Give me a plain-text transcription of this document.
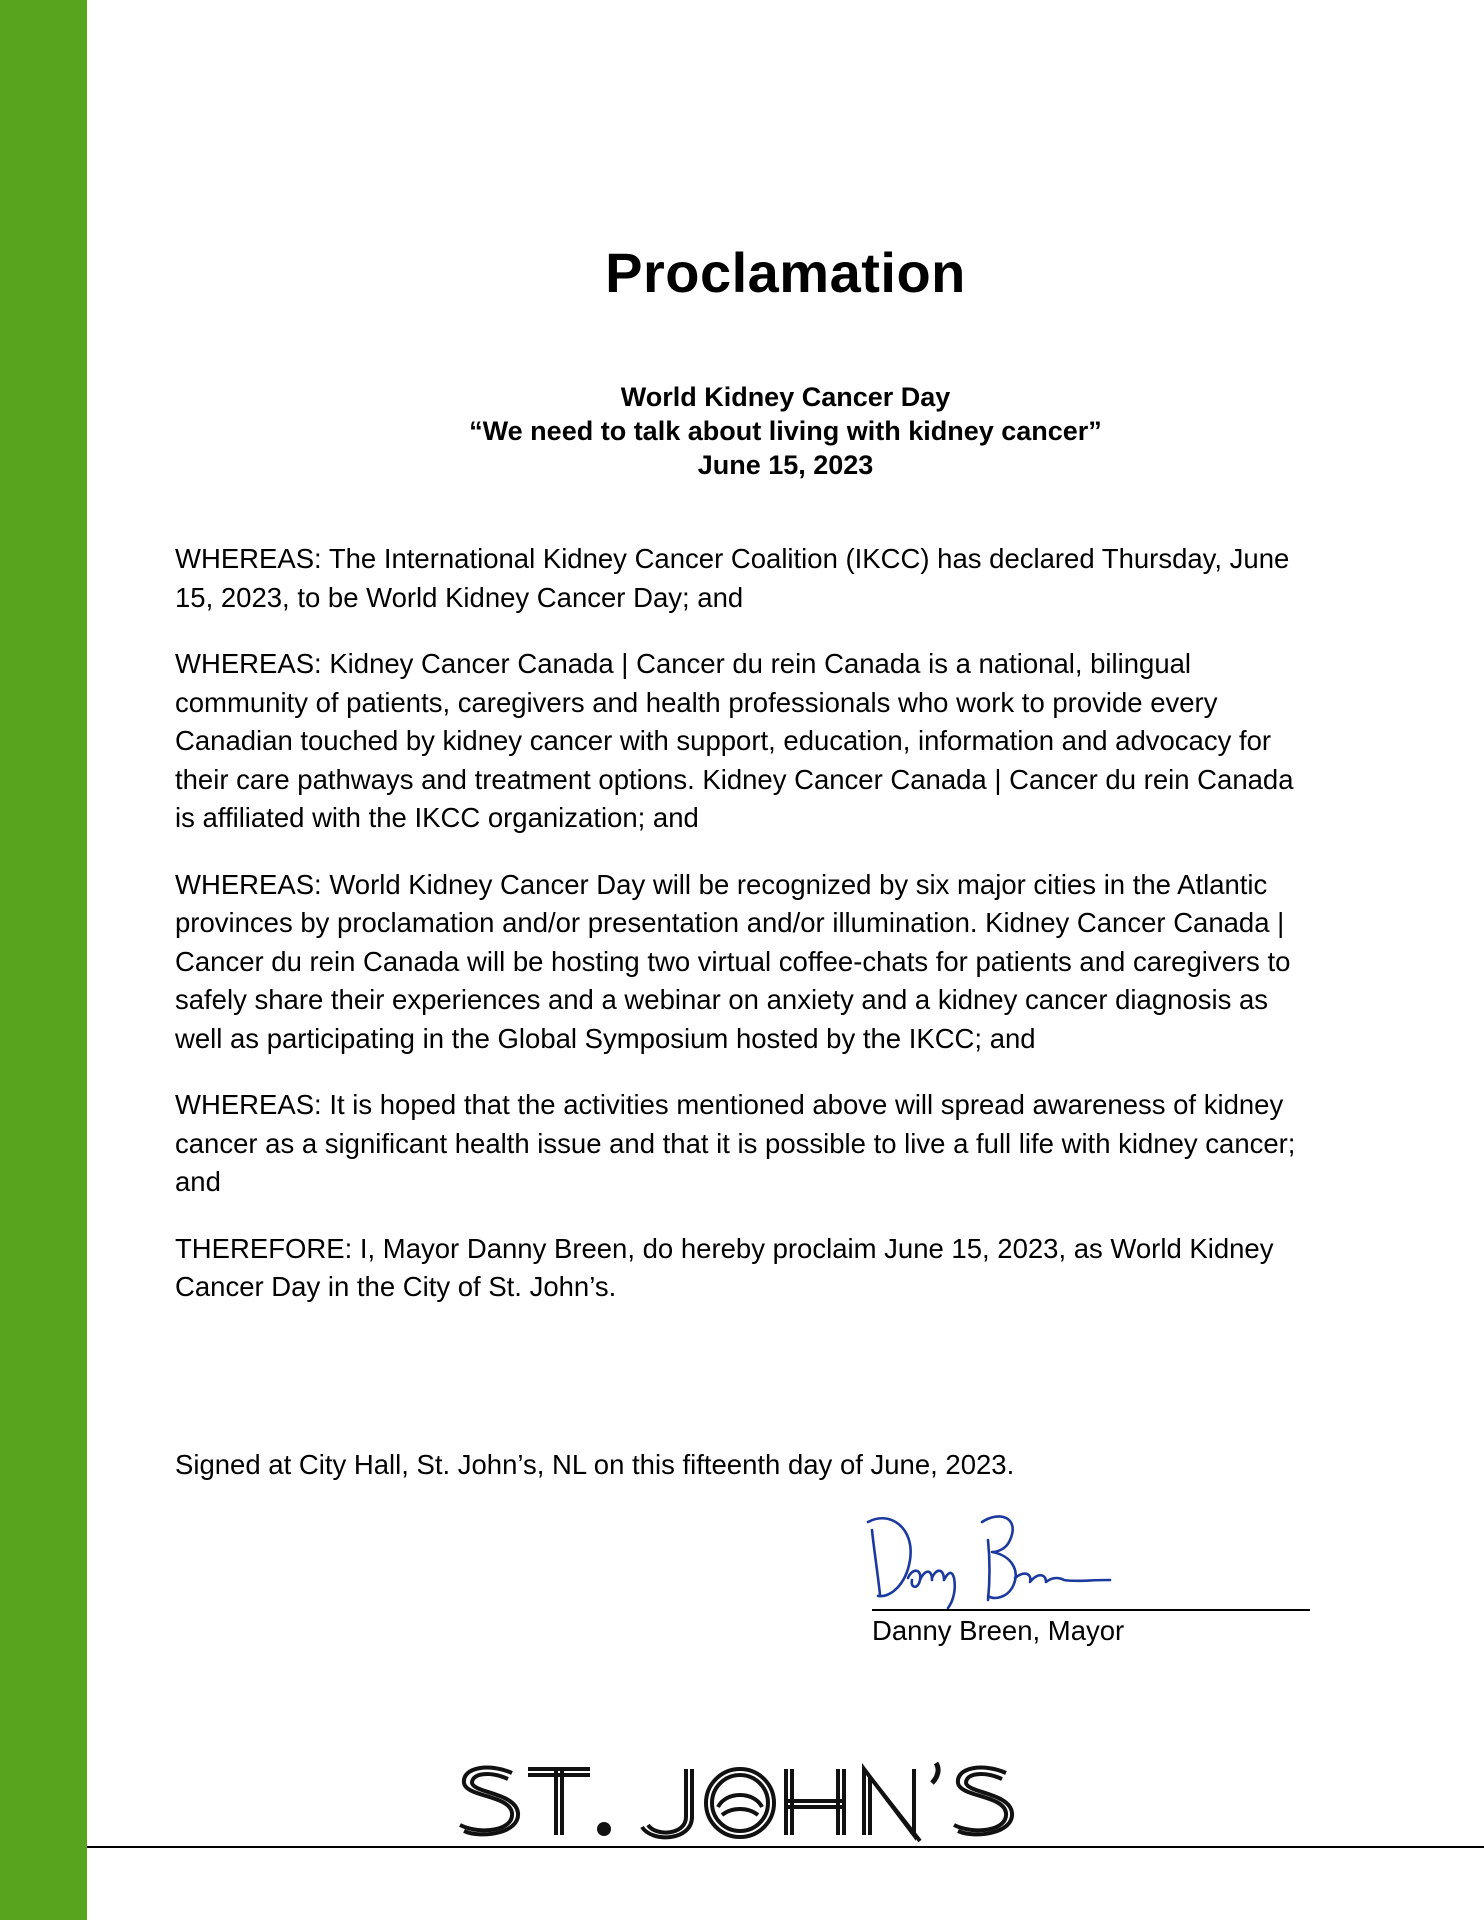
Proclamation
World Kidney Cancer Day
“We need to talk about living with kidney cancer”
June 15, 2023

WHEREAS: The International Kidney Cancer Coalition (IKCC) has declared Thursday, June 15, 2023, to be World Kidney Cancer Day; and

WHEREAS: Kidney Cancer Canada | Cancer du rein Canada is a national, bilingual community of patients, caregivers and health professionals who work to provide every Canadian touched by kidney cancer with support, education, information and advocacy for their care pathways and treatment options. Kidney Cancer Canada | Cancer du rein Canada is affiliated with the IKCC organization; and

WHEREAS: World Kidney Cancer Day will be recognized by six major cities in the Atlantic provinces by proclamation and/or presentation and/or illumination. Kidney Cancer Canada | Cancer du rein Canada will be hosting two virtual coffee-chats for patients and caregivers to safely share their experiences and a webinar on anxiety and a kidney cancer diagnosis as well as participating in the Global Symposium hosted by the IKCC; and

WHEREAS: It is hoped that the activities mentioned above will spread awareness of kidney cancer as a significant health issue and that it is possible to live a full life with kidney cancer; and

THEREFORE: I, Mayor Danny Breen, do hereby proclaim June 15, 2023, as World Kidney Cancer Day in the City of St. John’s.

Signed at City Hall, St. John’s, NL on this fifteenth day of June, 2023.
Danny Breen, Mayor
